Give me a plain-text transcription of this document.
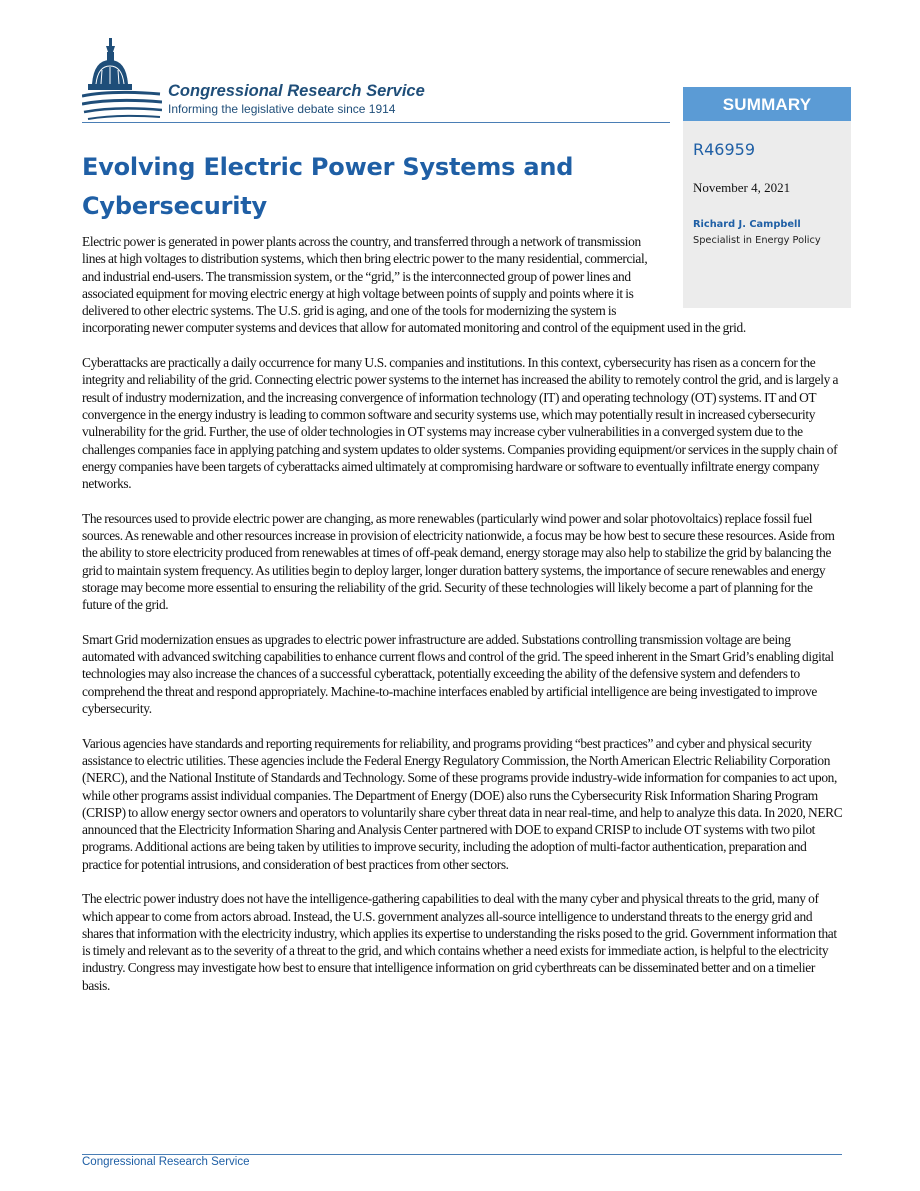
Congressional Research Service

Informing the legislative debate since 1914	SUMMARY

R46959

November 4, 2021

Richard J. Campbell

Specialist in Energy Policy

Evolving Electric Power Systems and Cybersecurity

Electric power is generated in power plants across the country, and transferred through a network of transmission lines at high voltages to distribution systems, which then bring electric power to the many residential, commercial, and industrial end-users. The transmission system, or the “grid,” is the interconnected group of power lines and associated equipment for moving electric energy at high voltage between points of supply and points where it is delivered to other electric systems. The U.S. grid is aging, and one of the tools for modernizing the system is incorporating newer computer systems and devices that allow for automated monitoring and control of the equipment used in the grid.

Cyberattacks are practically a daily occurrence for many U.S. companies and institutions. In this context, cybersecurity has risen as a concern for the integrity and reliability of the grid. Connecting electric power systems to the internet has increased the ability to remotely control the grid, and is largely a result of industry modernization, and the increasing convergence of information technology (IT) and operating technology (OT) systems. IT and OT convergence in the energy industry is leading to common software and security systems use, which may potentially result in increased cybersecurity vulnerability for the grid. Further, the use of older technologies in OT systems may increase cyber vulnerabilities in a converged system due to the challenges companies face in applying patching and system updates to older systems. Companies providing equipment/or services in the supply chain of energy companies have been targets of cyberattacks aimed ultimately at compromising hardware or software to eventually infiltrate energy company networks.

The resources used to provide electric power are changing, as more renewables (particularly wind power and solar photovoltaics) replace fossil fuel sources. As renewable and other resources increase in provision of electricity nationwide, a focus may be how best to secure these resources. Aside from the ability to store electricity produced from renewables at times of off-peak demand, energy storage may also help to stabilize the grid by balancing the grid to maintain system frequency. As utilities begin to deploy larger, longer duration battery systems, the importance of secure renewables and energy storage may become more essential to ensuring the reliability of the grid. Security of these technologies will likely become a part of planning for the future of the grid.

Smart Grid modernization ensues as upgrades to electric power infrastructure are added. Substations controlling transmission voltage are being automated with advanced switching capabilities to enhance current flows and control of the grid. The speed inherent in the Smart Grid’s enabling digital technologies may also increase the chances of a successful cyberattack, potentially exceeding the ability of the defensive system and defenders to comprehend the threat and respond appropriately. Machine-to-machine interfaces enabled by artificial intelligence are being investigated to improve cybersecurity.

Various agencies have standards and reporting requirements for reliability, and programs providing “best practices” and cyber and physical security assistance to electric utilities. These agencies include the Federal Energy Regulatory Commission, the North American Electric Reliability Corporation (NERC), and the National Institute of Standards and Technology. Some of these programs provide industry-wide information for companies to act upon, while other programs assist individual companies. The Department of Energy (DOE) also runs the Cybersecurity Risk Information Sharing Program (CRISP) to allow energy sector owners and operators to voluntarily share cyber threat data in near real-time, and help to analyze this data. In 2020, NERC announced that the Electricity Information Sharing and Analysis Center partnered with DOE to expand CRISP to include OT systems with two pilot programs. Additional actions are being taken by utilities to improve security, including the adoption of multi-factor authentication, preparation and practice for potential intrusions, and consideration of best practices from other sectors.

The electric power industry does not have the intelligence-gathering capabilities to deal with the many cyber and physical threats to the grid, many of which appear to come from actors abroad. Instead, the U.S. government analyzes all-source intelligence to understand threats to the energy grid and shares that information with the electricity industry, which applies its expertise to understanding the risks posed to the grid. Government information that is timely and relevant as to the severity of a threat to the grid, and which contains whether a need exists for immediate action, is helpful to the electricity industry. Congress may investigate how best to ensure that intelligence information on grid cyberthreats can be disseminated better and on a timelier basis.

Congressional Research Service
